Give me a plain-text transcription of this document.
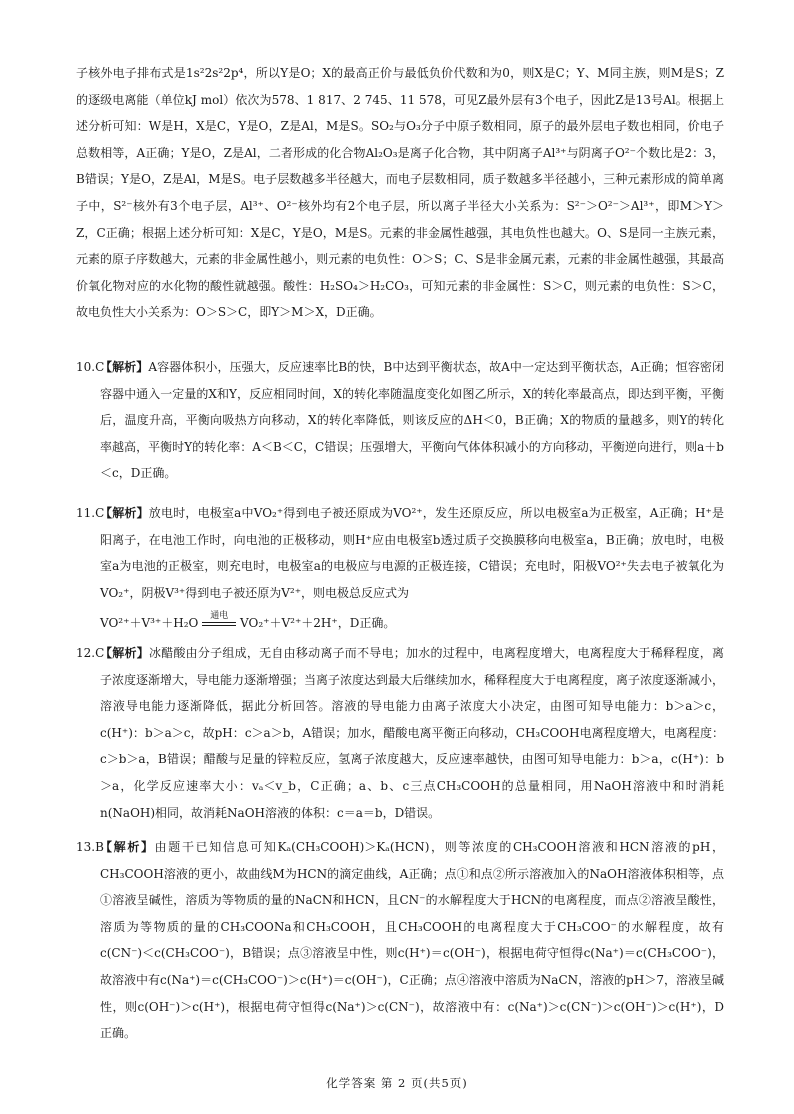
子核外电子排布式是1s²2s²2p⁴，所以Y是O；X的最高正价与最低负价代数和为0，则X是C；Y、M同主族，则M是S；Z的逐级电离能（单位kJ mol）依次为578、1 817、2 745、11 578，可见Z最外层有3个电子，因此Z是13号Al。根据上述分析可知：W是H，X是C，Y是O，Z是Al，M是S。SO₂与O₃分子中原子数相同，原子的最外层电子数也相同，价电子总数相等，A正确；Y是O，Z是Al，二者形成的化合物Al₂O₃是离子化合物，其中阴离子Al³⁺与阴离子O²⁻个数比是2：3，B错误；Y是O，Z是Al，M是S。电子层数越多半径越大，而电子层数相同，质子数越多半径越小，三种元素形成的简单离子中，S²⁻核外有3个电子层，Al³⁺、O²⁻核外均有2个电子层，所以离子半径大小关系为：S²⁻＞O²⁻＞Al³⁺，即M＞Y＞Z，C正确；根据上述分析可知：X是C，Y是O，M是S。元素的非金属性越强，其电负性也越大。O、S是同一主族元素，元素的原子序数越大，元素的非金属性越小，则元素的电负性：O＞S；C、S是非金属元素，元素的非金属性越强，其最高价氧化物对应的水化物的酸性就越强。酸性：H₂SO₄＞H₂CO₃，可知元素的非金属性：S＞C，则元素的电负性：S＞C，故电负性大小关系为：O＞S＞C，即Y＞M＞X，D正确。
10.C
【解析】A容器体积小，压强大，反应速率比B的快，B中达到平衡状态，故A中一定达到平衡状态，A正确；恒容密闭容器中通入一定量的X和Y，反应相同时间，X的转化率随温度变化如图乙所示，X的转化率最高点，即达到平衡，平衡后，温度升高，平衡向吸热方向移动，X的转化率降低，则该反应的ΔH＜0，B正确；X的物质的量越多，则Y的转化率越高，平衡时Y的转化率：A＜B＜C，C错误；压强增大，平衡向气体体积减小的方向移动，平衡逆向进行，则a＋b＜c，D正确。
11.C
【解析】放电时，电极室a中VO₂⁺得到电子被还原成为VO²⁺，发生还原反应，所以电极室a为正极室，A正确；H⁺是阳离子，在电池工作时，向电池的正极移动，则H⁺应由电极室b透过质子交换膜移向电极室a，B正确；放电时，电极室a为电池的正极室，则充电时，电极室a的电极应与电源的正极连接，C错误；充电时，阳极VO²⁺失去电子被氧化为VO₂⁺，阴极V³⁺得到电子被还原为V²⁺，则电极总反应式为
VO²⁺＋V³⁺＋H₂O
通电
VO₂⁺＋V²⁺＋2H⁺，D正确。
12.C
【解析】冰醋酸由分子组成，无自由移动离子而不导电；加水的过程中，电离程度增大，电离程度大于稀释程度，离子浓度逐渐增大，导电能力逐渐增强；当离子浓度达到最大后继续加水，稀释程度大于电离程度，离子浓度逐渐减小，溶液导电能力逐渐降低，据此分析回答。溶液的导电能力由离子浓度大小决定，由图可知导电能力：b＞a＞c，c(H⁺)：b＞a＞c，故pH：c＞a＞b，A错误；加水，醋酸电离平衡正向移动，CH₃COOH电离程度增大，电离程度：c＞b＞a，B错误；醋酸与足量的锌粒反应，氢离子浓度越大，反应速率越快，由图可知导电能力：b＞a，c(H⁺)：b＞a，化学反应速率大小：vₐ＜v_b，C正确；a、b、c三点CH₃COOH的总量相同，用NaOH溶液中和时消耗n(NaOH)相同，故消耗NaOH溶液的体积：c＝a＝b，D错误。
13.B
【解析】由题干已知信息可知Kₐ(CH₃COOH)＞Kₐ(HCN)，则等浓度的CH₃COOH溶液和HCN溶液的pH，CH₃COOH溶液的更小，故曲线M为HCN的滴定曲线，A正确；点①和点②所示溶液加入的NaOH溶液体积相等，点①溶液呈碱性，溶质为等物质的量的NaCN和HCN，且CN⁻的水解程度大于HCN的电离程度，而点②溶液呈酸性，溶质为等物质的量的CH₃COONa和CH₃COOH，且CH₃COOH的电离程度大于CH₃COO⁻的水解程度，故有c(CN⁻)＜c(CH₃COO⁻)，B错误；点③溶液呈中性，则c(H⁺)＝c(OH⁻)，根据电荷守恒得c(Na⁺)＝c(CH₃COO⁻)，故溶液中有c(Na⁺)＝c(CH₃COO⁻)＞c(H⁺)＝c(OH⁻)，C正确；点④溶液中溶质为NaCN，溶液的pH＞7，溶液呈碱性，则c(OH⁻)＞c(H⁺)，根据电荷守恒得c(Na⁺)＞c(CN⁻)，故溶液中有：c(Na⁺)＞c(CN⁻)＞c(OH⁻)＞c(H⁺)，D正确。
化学答案 第 2 页(共5页)
